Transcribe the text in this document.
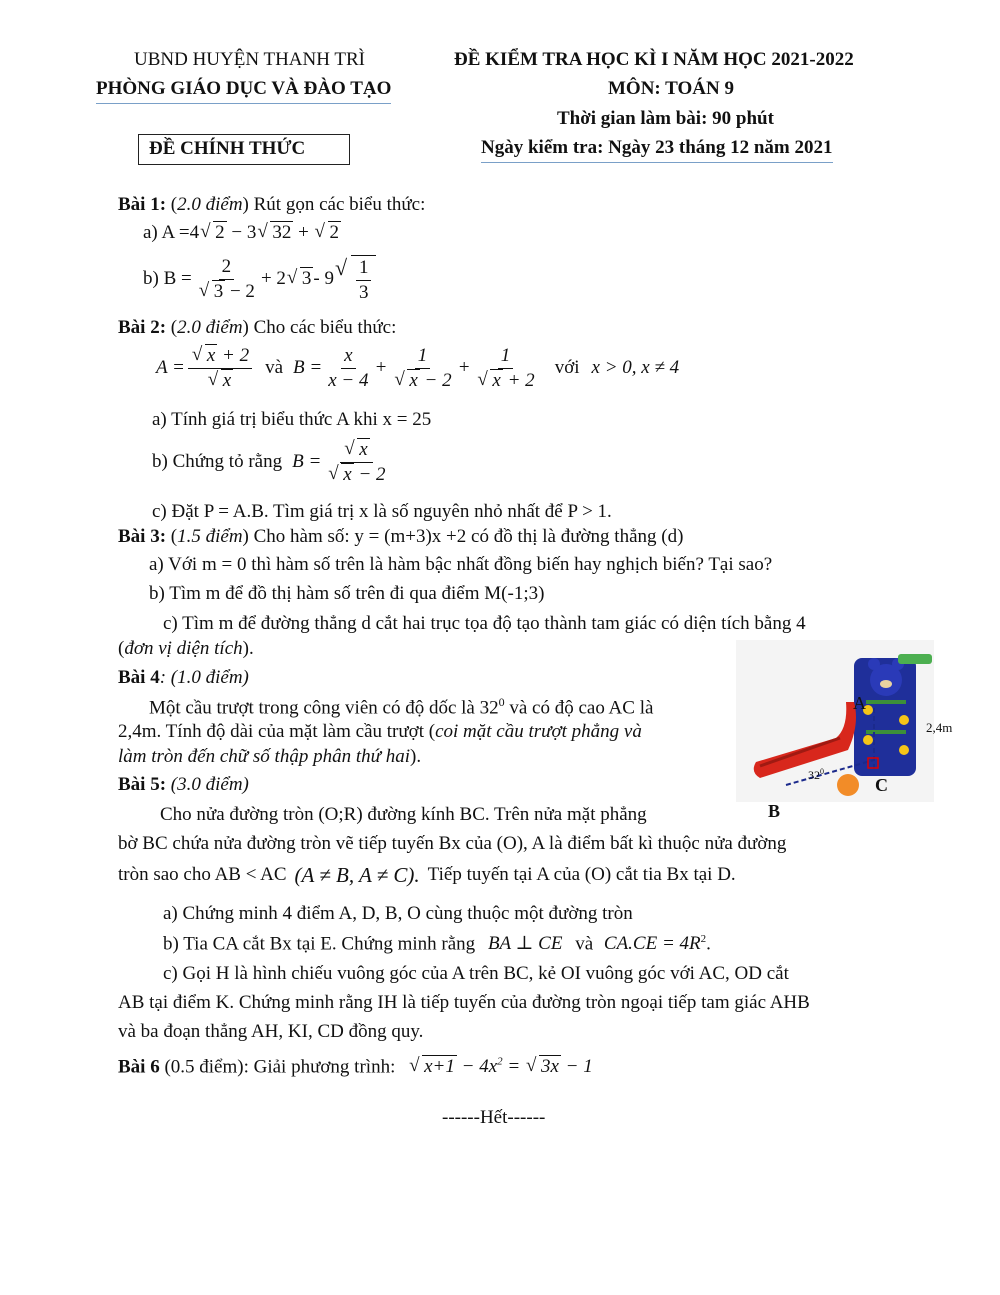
UBND HUYỆN THANH TRÌ
PHÒNG GIÁO DỤC VÀ ĐÀO TẠO
ĐỀ CHÍNH THỨC
ĐỀ KIỂM TRA HỌC KÌ I NĂM HỌC 2021-2022
MÔN: TOÁN 9
Thời gian làm bài: 90 phút
Ngày kiểm tra: Ngày 23 tháng 12 năm 2021
Bài 1: (2.0 điểm) Rút gọn các biểu thức:
a) A =4 √ 2 − 3 √ 32 + √ 2
b) B = 2
√ 3 − 2 + 2 √ 3 - 9 √ $\frac{1}{3}$
Bài 2: (2.0 điểm) Cho các biểu thức:
A = √ x + 2
√ x và $B = \frac{x}{x - 4} + 1$
√ x − 2 + 1
√ x + 2 với x > 0, x ≠ 4
a) Tính giá trị biểu thức A khi x = 25
b) Chứng tỏ rằng B = √ x
√ x − 2
c) Đặt P = A.B. Tìm giá trị x là số nguyên nhỏ nhất để P > 1.
Bài 3: (1.5 điểm) Cho hàm số: y = (m+3)x +2 có đồ thị là đường thẳng (d)
a) Với m = 0 thì hàm số trên là hàm bậc nhất đồng biến hay nghịch biến? Tại sao?
b) Tìm m để đồ thị hàm số trên đi qua điểm M(-1;3)
c) Tìm m để đường thẳng d cắt hai trục tọa độ tạo thành tam giác có diện tích bằng 4
(đơn vị diện tích).
Bài 4: (1.0 điểm)
Một cầu trượt trong công viên có độ dốc là $32^0$ và có độ cao AC là
2,4m. Tính độ dài của mặt làm cầu trượt (coi mặt cầu trượt phẳng và
làm tròn đến chữ số thập phân thứ hai).
A
2,4m
$32^0$
C
B
Bài 5: (3.0 điểm)
Cho nửa đường tròn (O;R) đường kính BC. Trên nửa mặt phẳng
bờ BC chứa nửa đường tròn vẽ tiếp tuyến Bx của (O), A là điểm bất kì thuộc nửa đường
tròn sao cho AB < AC (A ≠ B, A ≠ C). Tiếp tuyến tại A của (O) cắt tia Bx tại D.
a) Chứng minh 4 điểm A, D, B, O cùng thuộc một đường tròn
b) Tia CA cắt Bx tại E. Chứng minh rằng BA ⊥ CE và $CA.CE = 4R^2$.
c) Gọi H là hình chiếu vuông góc của A trên BC, kẻ OI vuông góc với AC, OD cắt
AB tại điểm K. Chứng minh rằng IH là tiếp tuyến của đường tròn ngoại tiếp tam giác AHB
và ba đoạn thẳng AH, KI, CD đồng quy.
Bài 6 (0.5 điểm): Giải phương trình: √ $x+1 - 4x^2$ = √ 3x − 1
------Hết------
